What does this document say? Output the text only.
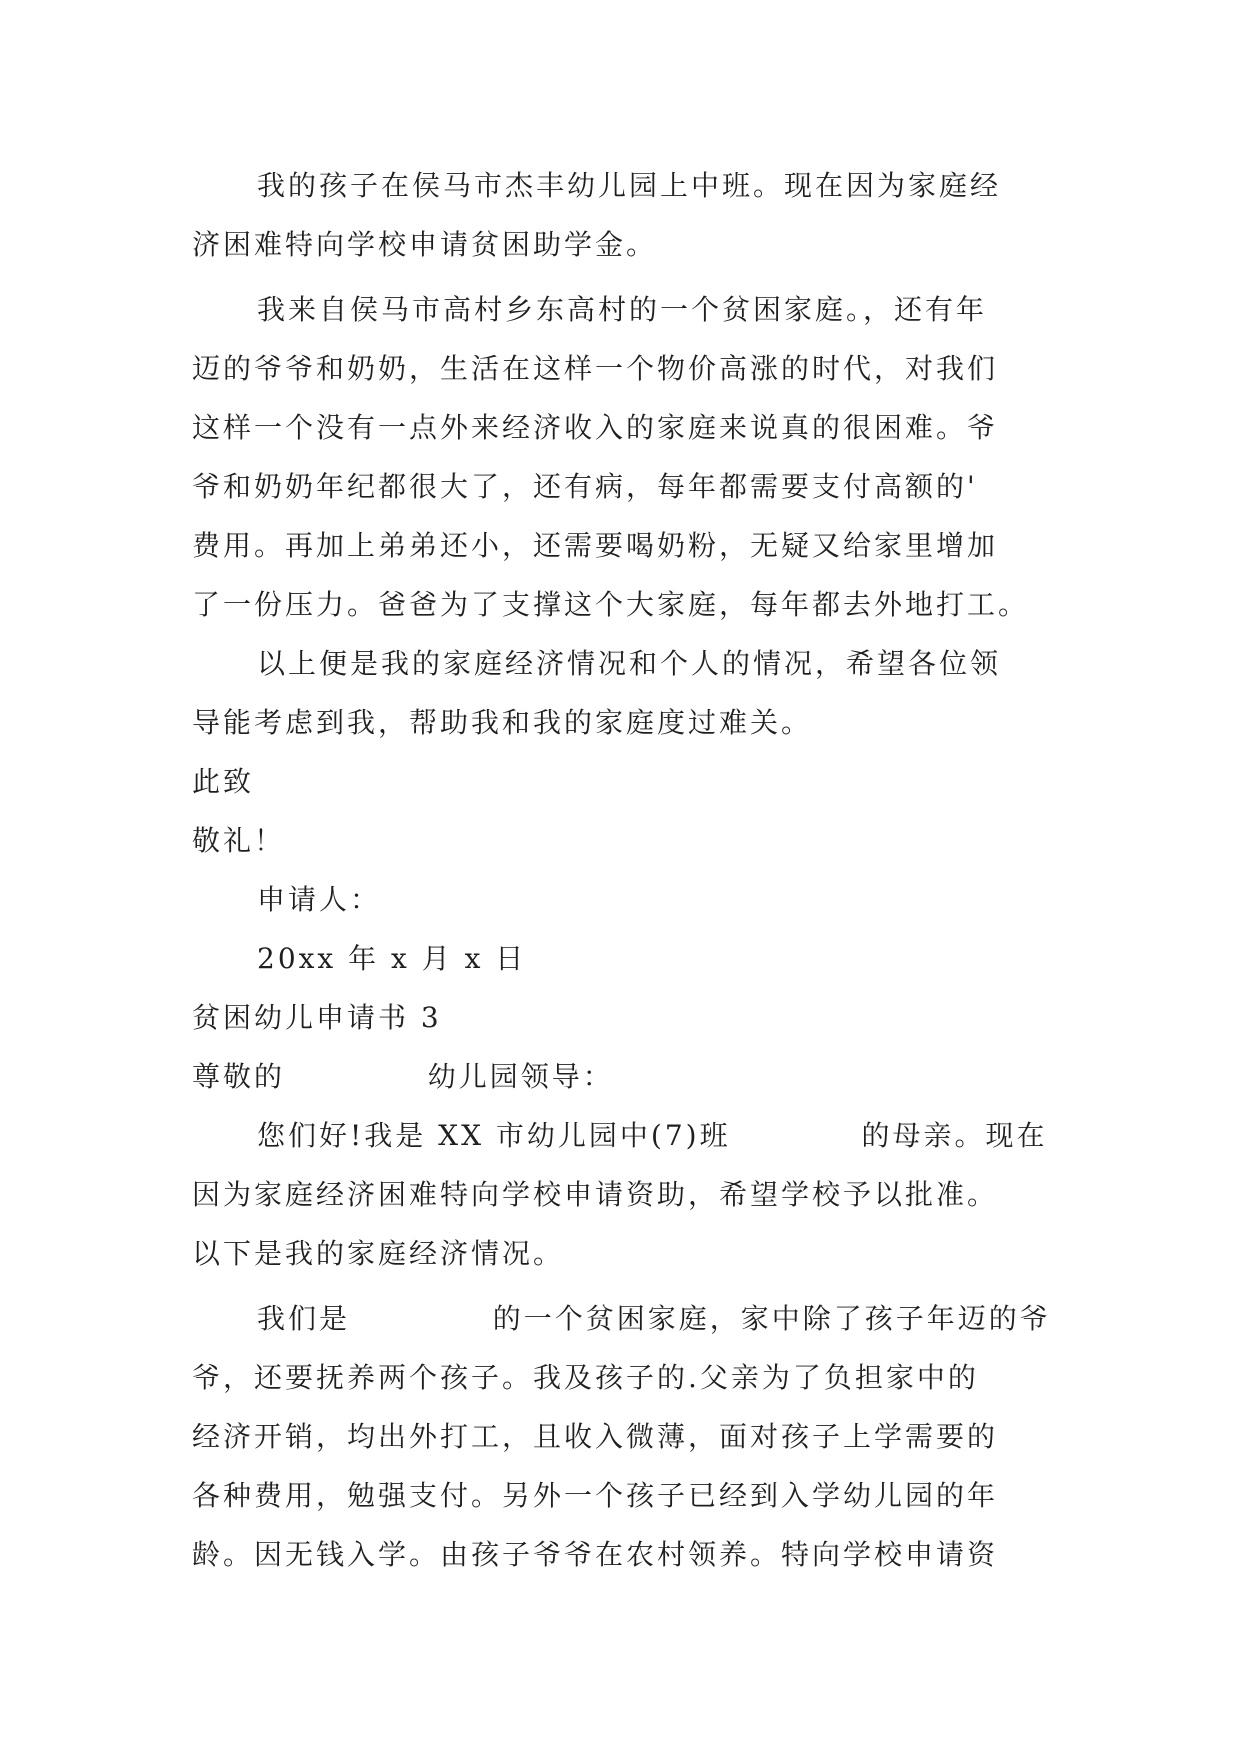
我的孩子在侯马市杰丰幼儿园上中班。现在因为家庭经
济困难特向学校申请贫困助学金。
我来自侯马市高村乡东高村的一个贫困家庭。，还有年
迈的爷爷和奶奶，生活在这样一个物价高涨的时代，对我们
这样一个没有一点外来经济收入的家庭来说真的很困难。爷
爷和奶奶年纪都很大了，还有病，每年都需要支付高额的'
费用。再加上弟弟还小，还需要喝奶粉，无疑又给家里增加
了一份压力。爸爸为了支撑这个大家庭，每年都去外地打工。
以上便是我的家庭经济情况和个人的情况，希望各位领
导能考虑到我，帮助我和我的家庭度过难关。
此致
敬礼！
申请人：
20xx 年 x 月 x 日
贫困幼儿申请书 3
尊敬的            幼儿园领导：
您们好!我是 XX 市幼儿园中(7)班           的母亲。现在
因为家庭经济困难特向学校申请资助，希望学校予以批准。
以下是我的家庭经济情况。
我们是            的一个贫困家庭，家中除了孩子年迈的爷
爷，还要抚养两个孩子。我及孩子的.父亲为了负担家中的
经济开销，均出外打工，且收入微薄，面对孩子上学需要的
各种费用，勉强支付。另外一个孩子已经到入学幼儿园的年
龄。因无钱入学。由孩子爷爷在农村领养。特向学校申请资
